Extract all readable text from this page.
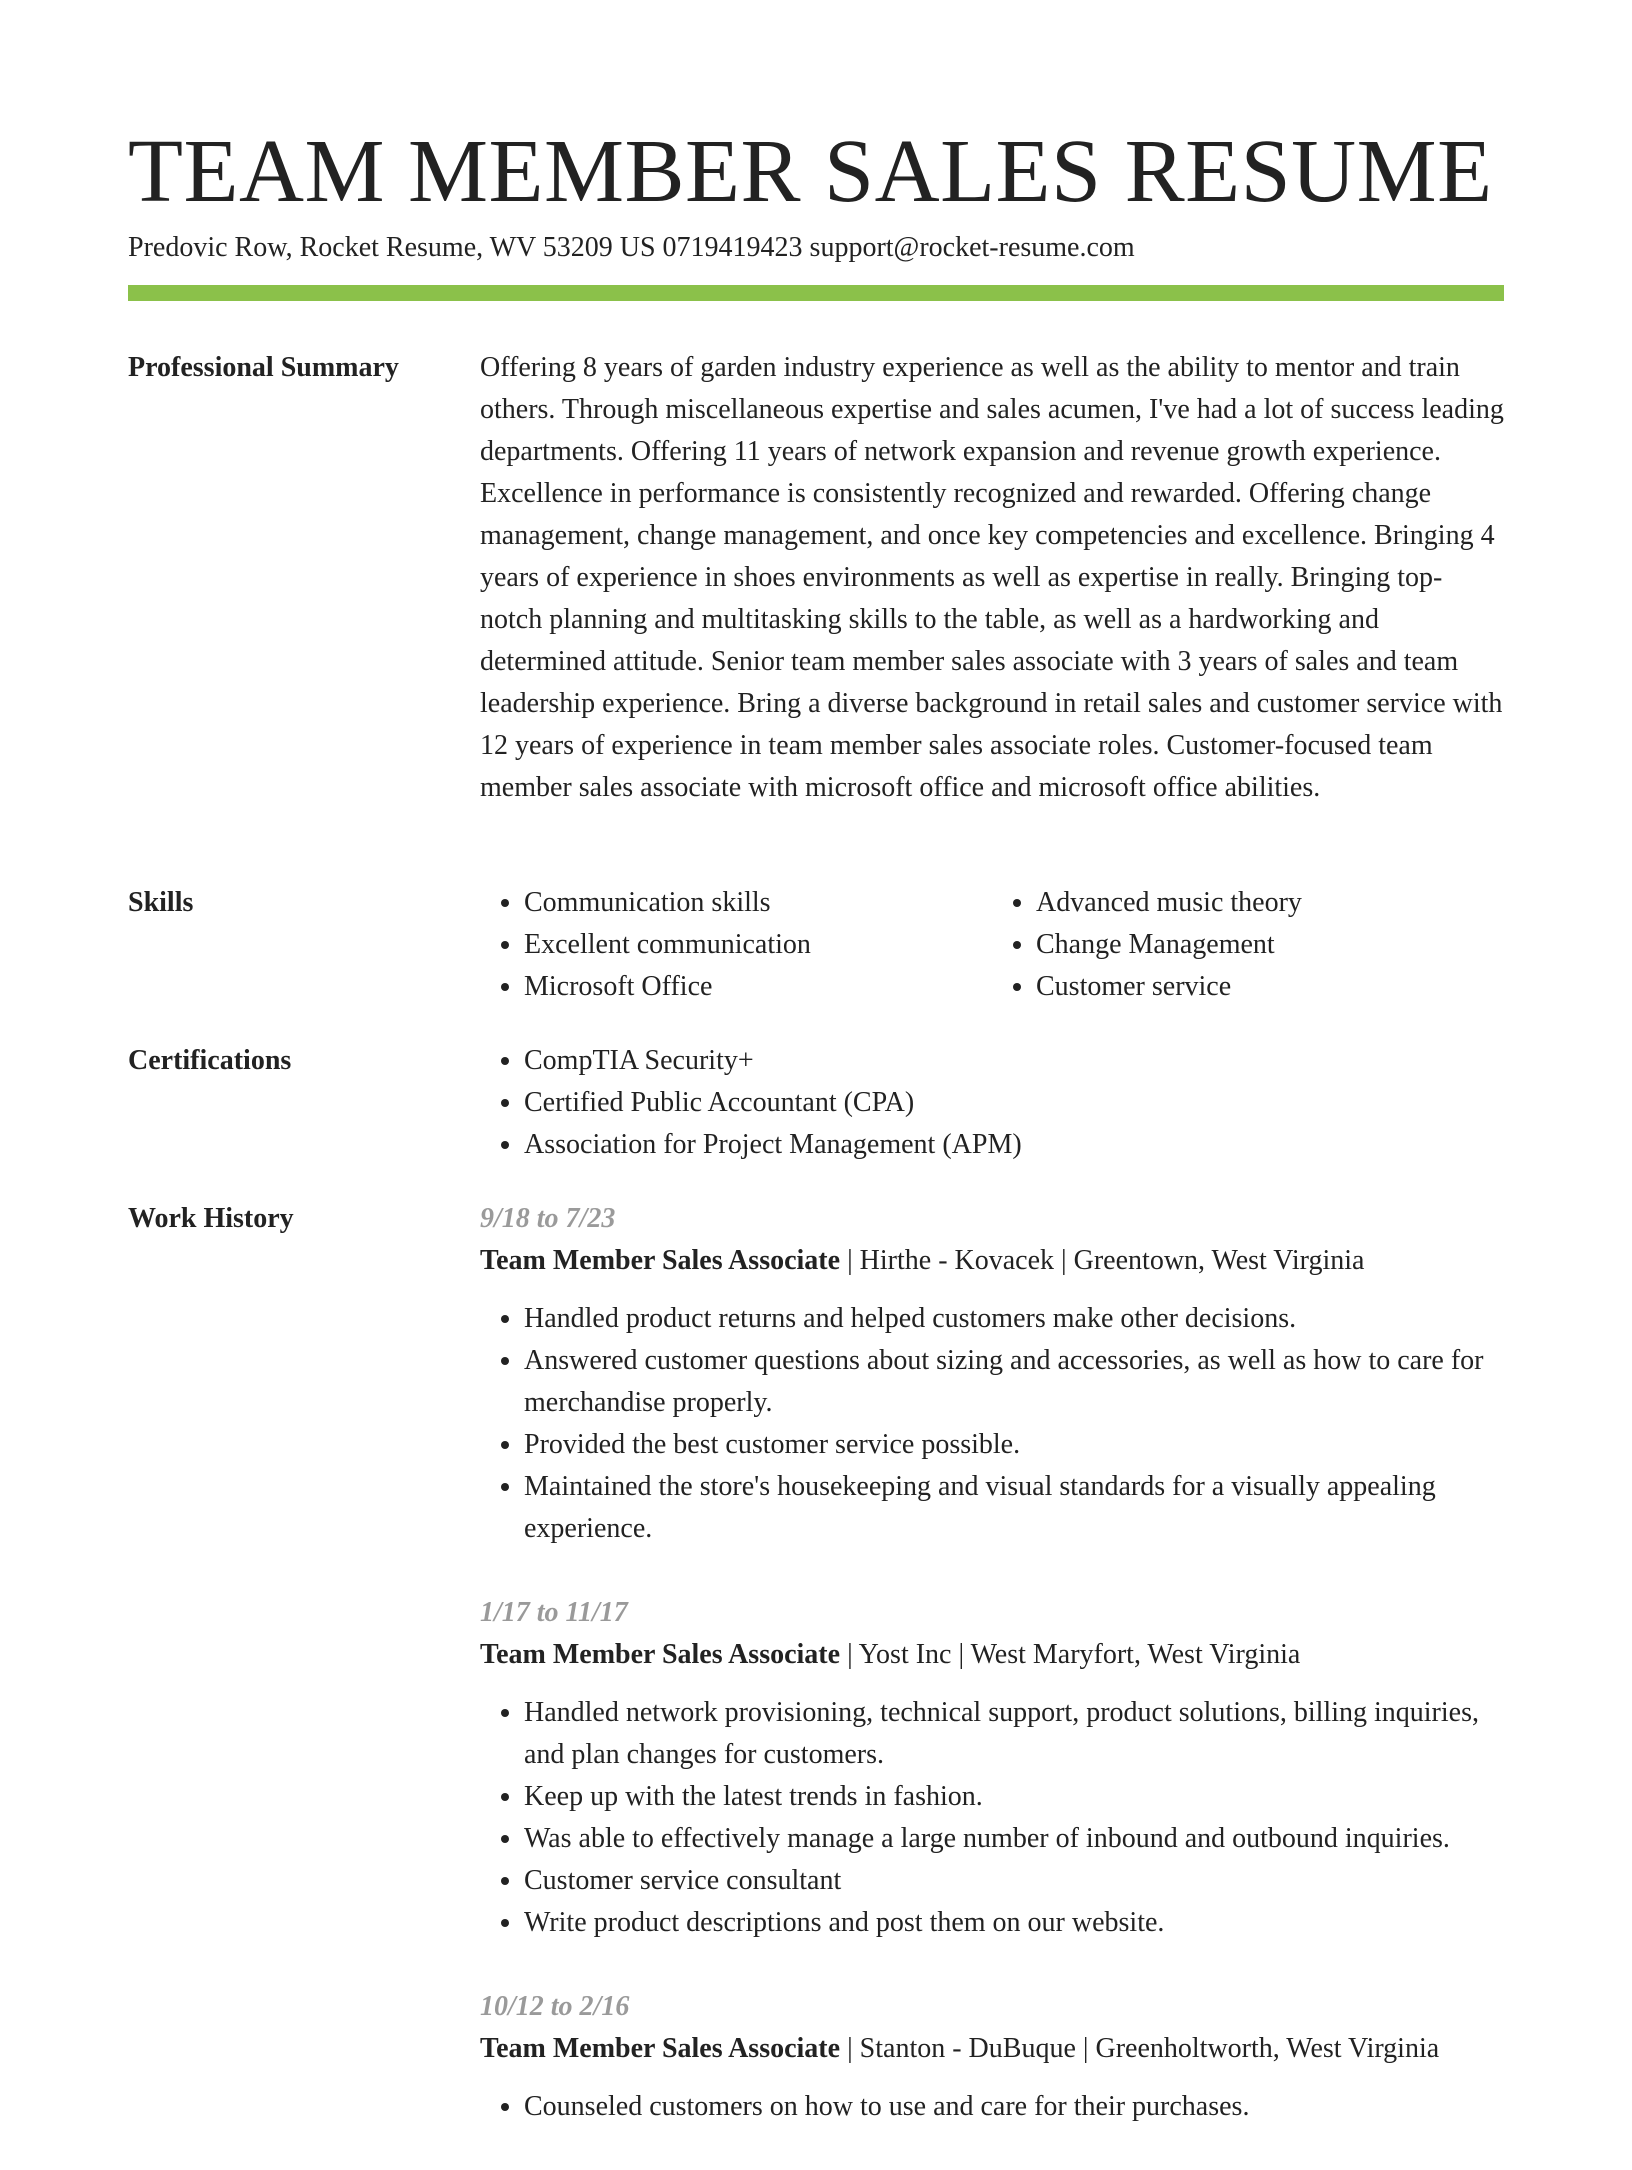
TEAM MEMBER SALES RESUME
Predovic Row, Rocket Resume, WV 53209 US 0719419423 support@rocket-resume.com
Professional Summary	Offering 8 years of garden industry experience as well as the ability to mentor and train others. Through miscellaneous expertise and sales acumen, I've had a lot of success leading departments. Offering 11 years of network expansion and revenue growth experience. Excellence in performance is consistently recognized and rewarded. Offering change management, change management, and once key competencies and excellence. Bringing 4 years of experience in shoes environments as well as expertise in really. Bringing top-notch planning and multitasking skills to the table, as well as a hardworking and determined attitude. Senior team member sales associate with 3 years of sales and team leadership experience. Bring a diverse background in retail sales and customer service with 12 years of experience in team member sales associate roles. Customer-focused team member sales associate with microsoft office and microsoft office abilities.

Skills	• Communication skills
• Excellent communication
• Microsoft Office
• Advanced music theory
• Change Management
• Customer service
Certifications	• CompTIA Security+
• Certified Public Accountant (CPA)
• Association for Project Management (APM)
Work History	9/18 to 7/23
Team Member Sales Associate | Hirthe - Kovacek | Greentown, West Virginia
• Handled product returns and helped customers make other decisions.
• Answered customer questions about sizing and accessories, as well as how to care for merchandise properly.
• Provided the best customer service possible.
• Maintained the store's housekeeping and visual standards for a visually appealing experience.
1/17 to 11/17
Team Member Sales Associate | Yost Inc | West Maryfort, West Virginia
• Handled network provisioning, technical support, product solutions, billing inquiries, and plan changes for customers.
• Keep up with the latest trends in fashion.
• Was able to effectively manage a large number of inbound and outbound inquiries.
• Customer service consultant
• Write product descriptions and post them on our website.
10/12 to 2/16
Team Member Sales Associate | Stanton - DuBuque | Greenholtworth, West Virginia
• Counseled customers on how to use and care for their purchases.
